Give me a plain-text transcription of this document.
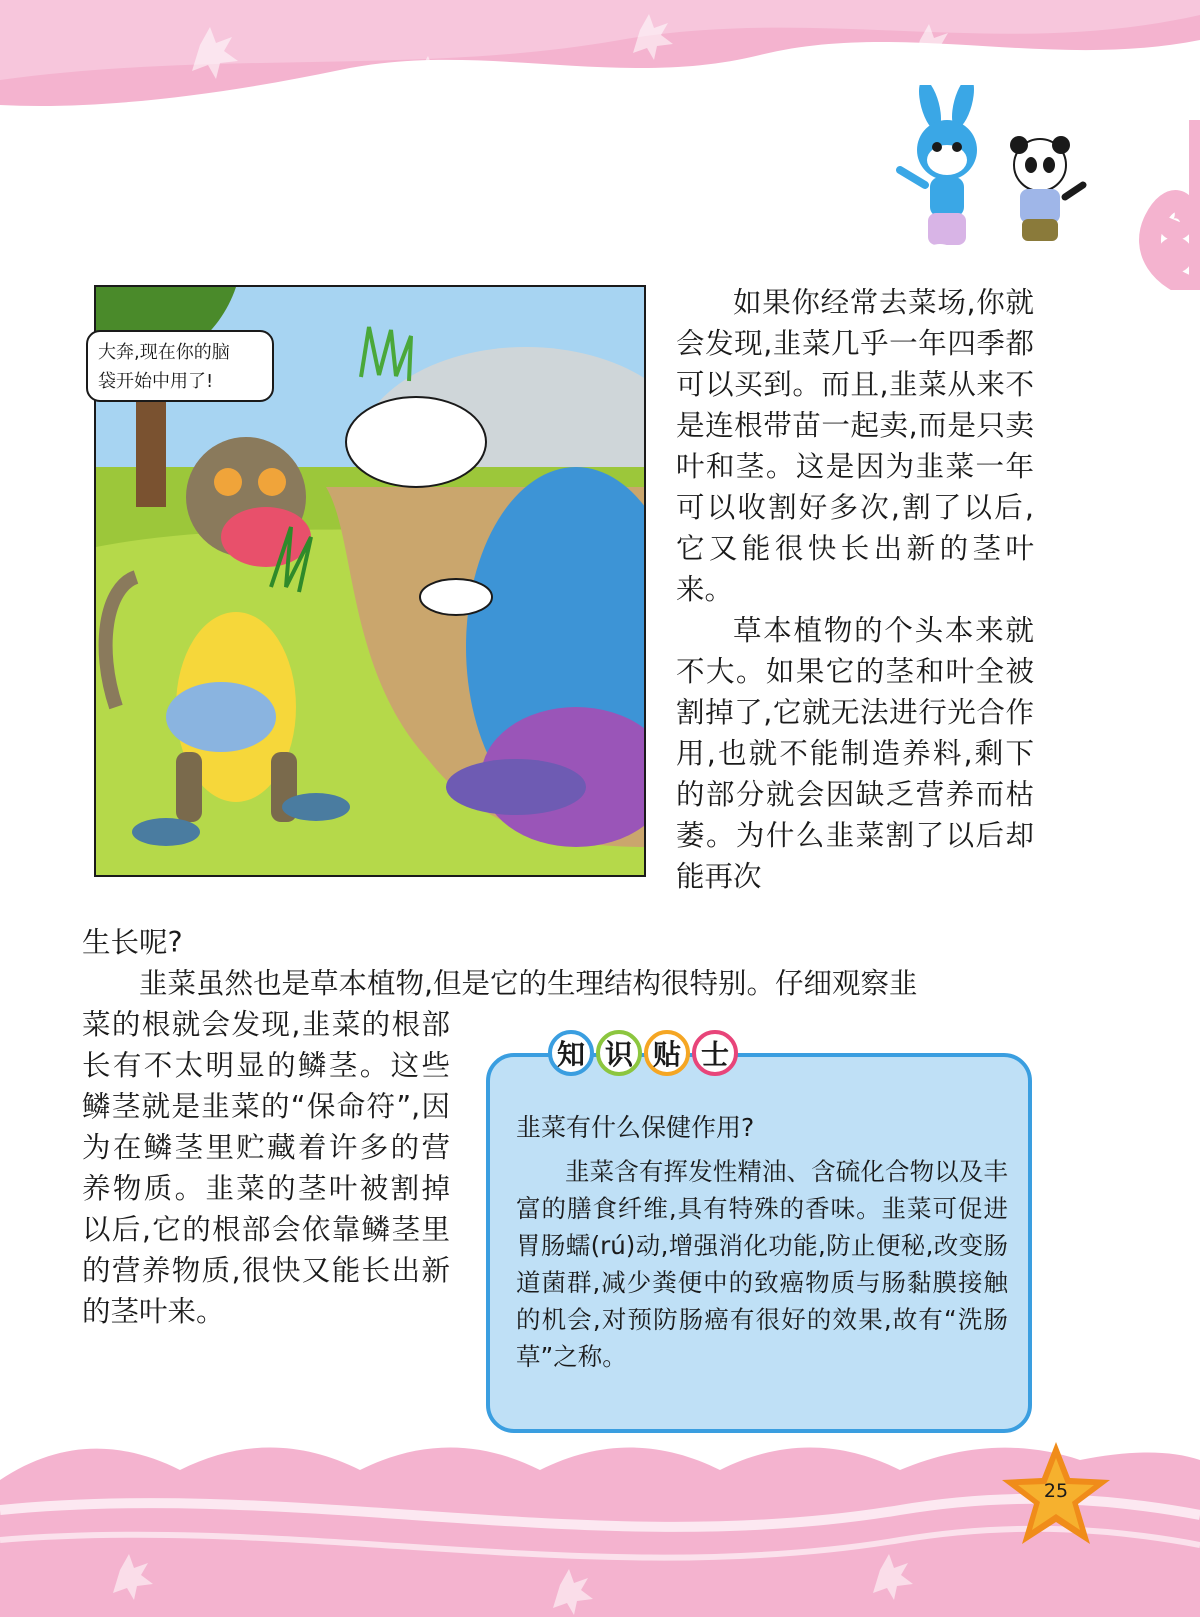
大奔,现在你的脑
袋开始中用了!

如果你经常去菜场,你就会发现,韭菜几乎一年四季都可以买到。而且,韭菜从来不是连根带苗一起卖,而是只卖叶和茎。这是因为韭菜一年可以收割好多次,割了以后,它又能很快长出新的茎叶来。

草本植物的个头本来就不大。如果它的茎和叶全被割掉了,它就无法进行光合作用,也就不能制造养料,剩下的部分就会因缺乏营养而枯萎。为什么韭菜割了以后却能再次

生长呢?

韭菜虽然也是草本植物,但是它的生理结构很特别。仔细观察韭

菜的根就会发现,韭菜的根部长有不太明显的鳞茎。这些鳞茎就是韭菜的“保命符”,因为在鳞茎里贮藏着许多的营养物质。韭菜的茎叶被割掉以后,它的根部会依靠鳞茎里的营养物质,很快又能长出新的茎叶来。

知 识 贴 士
韭菜有什么保健作用?

韭菜含有挥发性精油、含硫化合物以及丰富的膳食纤维,具有特殊的香味。韭菜可促进胃肠蠕(rú)动,增强消化功能,防止便秘,改变肠道菌群,减少粪便中的致癌物质与肠黏膜接触的机会,对预防肠癌有很好的效果,故有“洗肠草”之称。

25
